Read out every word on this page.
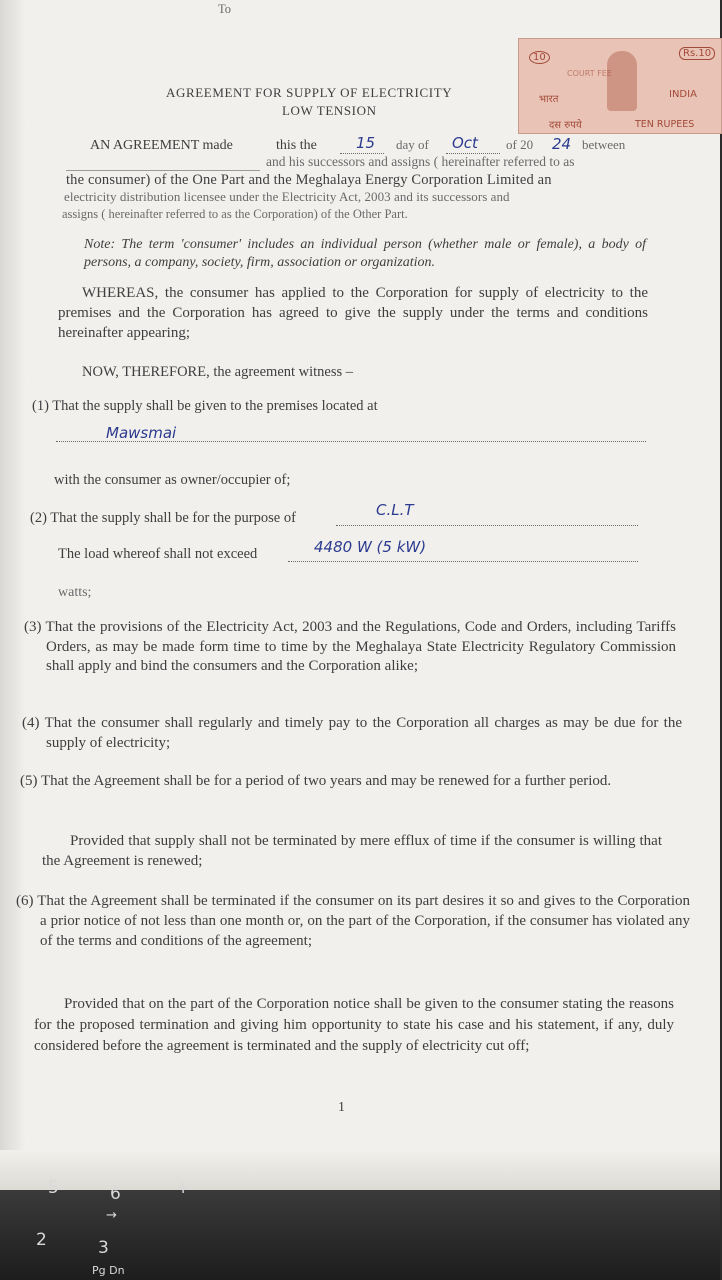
To
10	Rs.10
COURT FEE
भारत	INDIA
दस रुपये	TEN RUPEES
AGREEMENT FOR SUPPLY OF ELECTRICITY
LOW TENSION
AN AGREEMENT made	this the	15 day of Oct of 20 24 between
and his successors and assigns ( hereinafter referred to as
the consumer) of the One Part and the Meghalaya Energy Corporation Limited an
electricity distribution licensee under the Electricity Act, 2003 and its successors and
assigns ( hereinafter referred to as the Corporation) of the Other Part.
Note: The term 'consumer' includes an individual person (whether male or female), a body of persons, a company, society, firm, association or organization.
WHEREAS, the consumer has applied to the Corporation for supply of electricity to the premises and the Corporation has agreed to give the supply under the terms and conditions hereinafter appearing;
NOW, THEREFORE, the agreement witness –
(1) That the supply shall be given to the premises located at
Mawsmai
with the consumer as owner/occupier of;
(2) That the supply shall be for the purpose of	C.L.T
The load whereof shall not exceed	4480 W (5 kW)
watts;
(3) That the provisions of the Electricity Act, 2003 and the Regulations, Code and Orders, including Tariffs Orders, as may be made form time to time by the Meghalaya State Electricity Regulatory Commission shall apply and bind the consumers and the Corporation alike;
(4) That the consumer shall regularly and timely pay to the Corporation all charges as may be due for the supply of electricity;
(5) That the Agreement shall be for a period of two years and may be renewed for a further period.
Provided that supply shall not be terminated by mere efflux of time if the consumer is willing that the Agreement is renewed;
(6) That the Agreement shall be terminated if the consumer on its part desires it so and gives to the Corporation a prior notice of not less than one month or, on the part of the Corporation, if the consumer has violated any of the terms and conditions of the agreement;
Provided that on the part of the Corporation notice shall be given to the consumer stating the reasons for the proposed termination and giving him opportunity to state his case and his statement, if any, duly considered before the agreement is terminated and the supply of electricity cut off;
1
5	6	+
→
2	3
Pg Dn
